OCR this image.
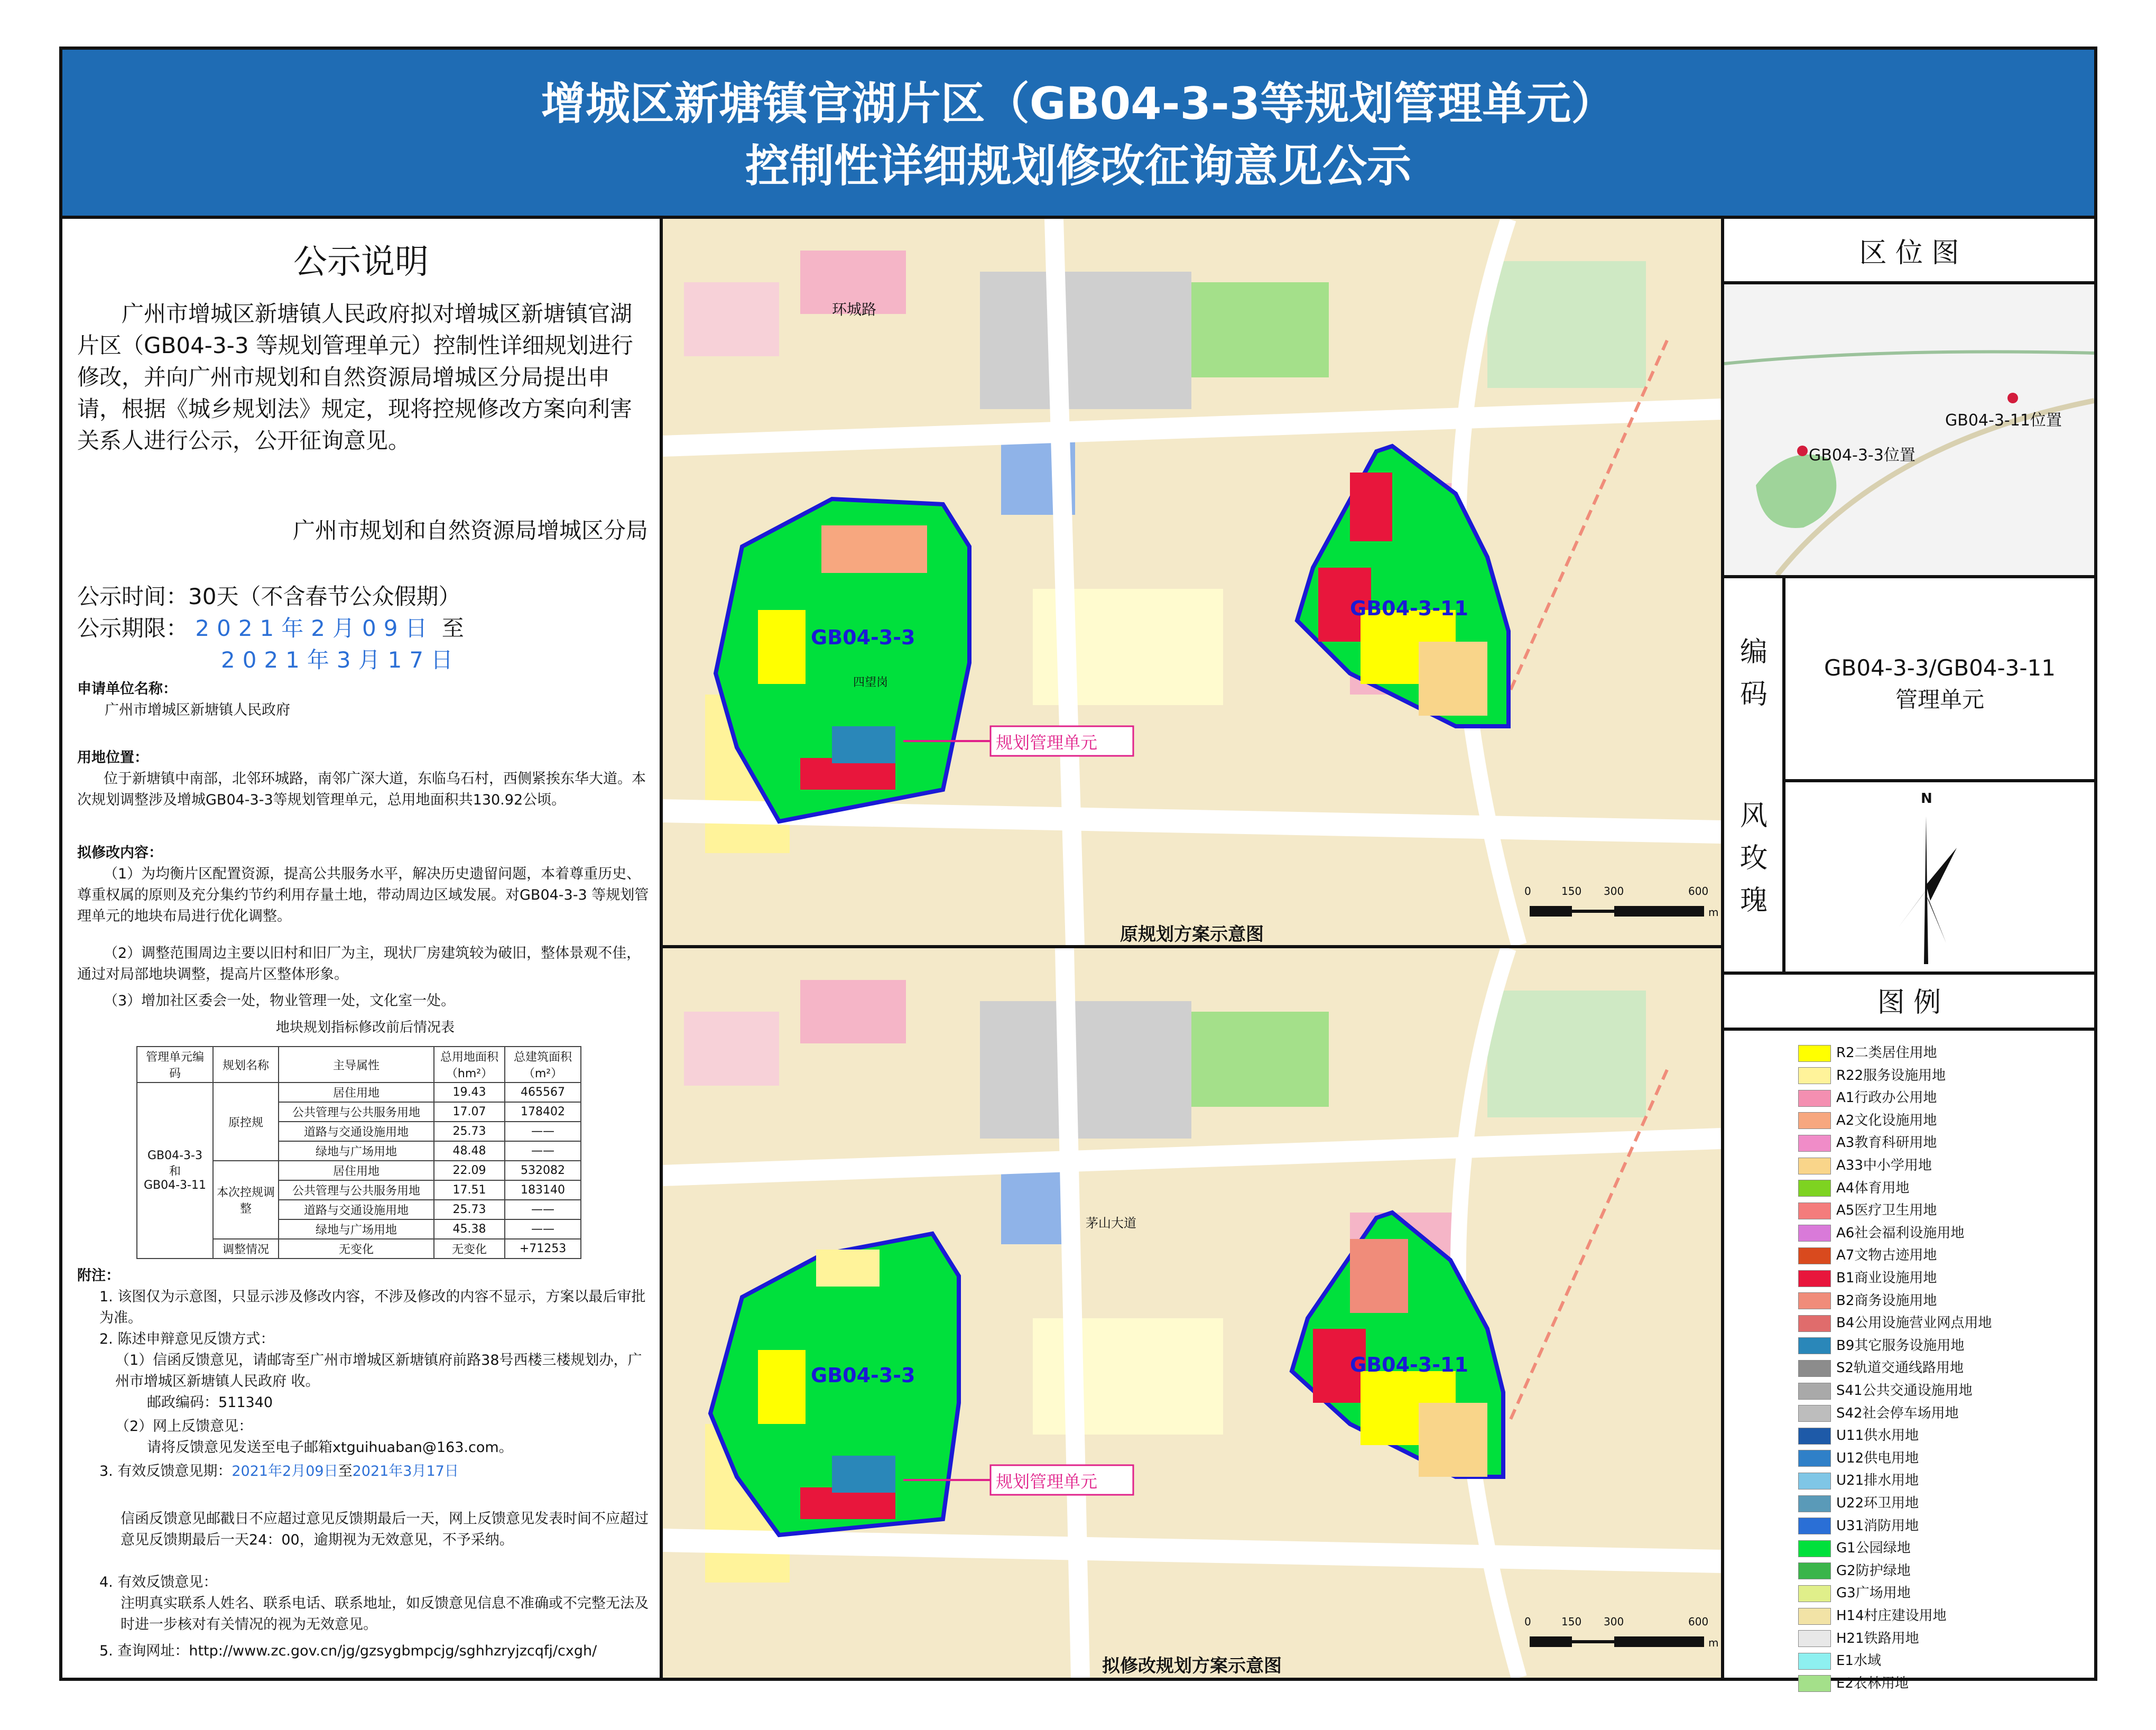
增城区新塘镇官湖片区（GB04-3-3等规划管理单元）
控制性详细规划修改征询意见公示
公示说明
广州市增城区新塘镇人民政府拟对增城区新塘镇官湖片区（GB04-3-3 等规划管理单元）控制性详细规划进行修改，并向广州市规划和自然资源局增城区分局提出申请，根据《城乡规划法》规定，现将控规修改方案向利害关系人进行公示，公开征询意见。
广州市规划和自然资源局增城区分局
公示时间：30天（不含春节公众假期）
公示期限： 2021年2月09日 至
2021年3月17日
申请单位名称：
广州市增城区新塘镇人民政府
用地位置：
位于新塘镇中南部，北邻环城路，南邻广深大道，东临乌石村，西侧紧挨东华大道。本次规划调整涉及增城GB04-3-3等规划管理单元，总用地面积共130.92公顷。
拟修改内容：
（1）为均衡片区配置资源，提高公共服务水平，解决历史遗留问题，本着尊重历史、尊重权属的原则及充分集约节约利用存量土地，带动周边区域发展。对GB04-3-3 等规划管理单元的地块布局进行优化调整。
（2）调整范围周边主要以旧村和旧厂为主，现状厂房建筑较为破旧，整体景观不佳，通过对局部地块调整，提高片区整体形象。
（3）增加社区委会一处，物业管理一处，文化室一处。
地块规划指标修改前后情况表
管理单元编码	规划名称	主导属性	总用地面积（hm²）	总建筑面积（m²）
GB04-3-3
和
GB04-3-11	原控规	居住用地	19.43	465567
		公共管理与公共服务用地	17.07	178402
		道路与交通设施用地	25.73	——
		绿地与广场用地	48.48	——
	本次控规调整	居住用地	22.09	532082
		公共管理与公共服务用地	17.51	183140
		道路与交通设施用地	25.73	——
		绿地与广场用地	45.38	——
	调整情况	无变化	无变化	+71253
附注：
1. 该图仅为示意图，只显示涉及修改内容，不涉及修改的内容不显示，方案以最后审批为准。
2. 陈述申辩意见反馈方式：
（1）信函反馈意见，请邮寄至广州市增城区新塘镇府前路38号西楼三楼规划办，广州市增城区新塘镇人民政府 收。
邮政编码：511340
（2）网上反馈意见：
请将反馈意见发送至电子邮箱xtguihuaban@163.com。
3. 有效反馈意见期：2021年2月09日至2021年3月17日
信函反馈意见邮戳日不应超过意见反馈期最后一天，网上反馈意见发表时间不应超过意见反馈期最后一天24：00，逾期视为无效意见，不予采纳。
4. 有效反馈意见：
注明真实联系人姓名、联系电话、联系地址，如反馈意见信息不准确或不完整无法及时进一步核对有关情况的视为无效意见。
5. 查询网址：http://www.zc.gov.cn/jg/gzsygbmpcjg/sghhzryjzcqfj/cxgh/
GB04-3-11
GB04-3-3
四望岗
规划管理单元
环城路
原规划方案示意图
0	150 300	600
m
GB04-3-11
GB04-3-3
规划管理单元
茅山大道
拟修改规划方案示意图
0	150 300	600
m
区 位 图
GB04-3-3位置
GB04-3-11位置
编码
GB04-3-3/GB04-3-11
管理单元
风玫瑰
N
图 例
R2二类居住用地
R22服务设施用地
A1行政办公用地
A2文化设施用地
A3教育科研用地
A33中小学用地
A4体育用地
A5医疗卫生用地
A6社会福利设施用地
A7文物古迹用地
B1商业设施用地
B2商务设施用地
B4公用设施营业网点用地
B9其它服务设施用地
S2轨道交通线路用地
S41公共交通设施用地
S42社会停车场用地
U11供水用地
U12供电用地
U21排水用地
U22环卫用地
U31消防用地
G1公园绿地
G2防护绿地
G3广场用地
H14村庄建设用地
H21铁路用地
E1水域
E2农林用地
